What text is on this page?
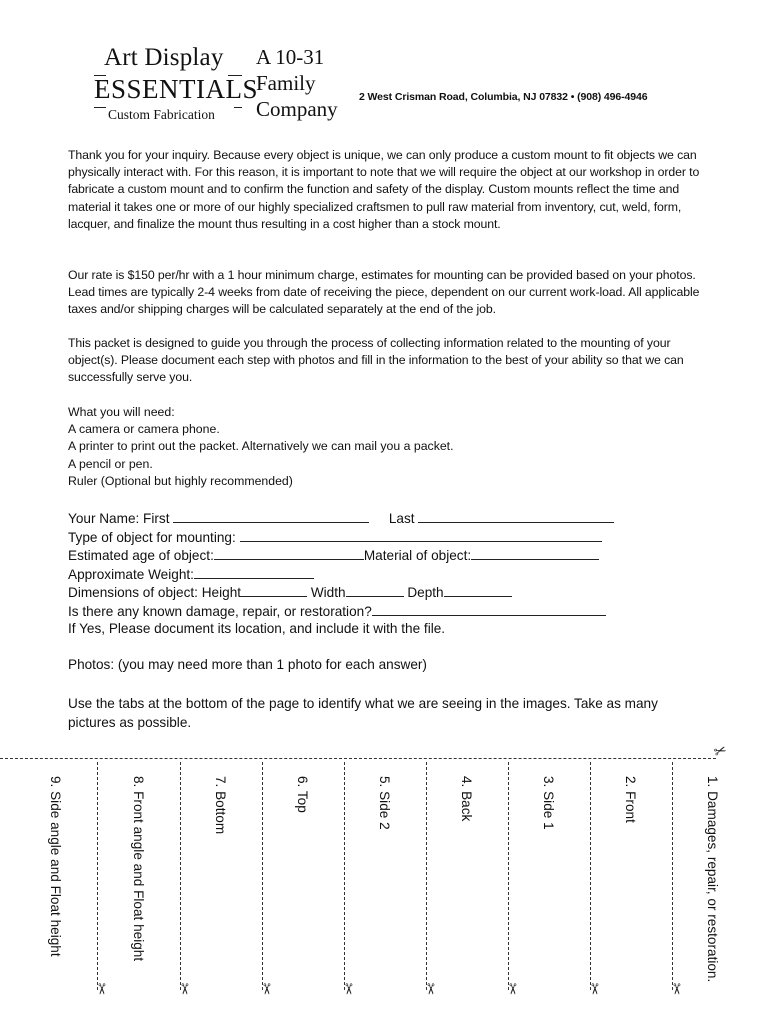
Art Display
ESSENTIALS
Custom Fabrication
A 10-31
Family
Company 2 West Crisman Road, Columbia, NJ 07832 • (908) 496-4946

Thank you for your inquiry. Because every object is unique, we can only produce a custom mount to fit objects we can physically interact with. For this reason, it is important to note that we will require the object at our workshop in order to fabricate a custom mount and to confirm the function and safety of the display. Custom mounts reflect the time and material it takes one or more of our highly specialized craftsmen to pull raw material from inventory, cut, weld, form, lacquer, and finalize the mount thus resulting in a cost higher than a stock mount.

Our rate is $150 per/hr with a 1 hour minimum charge, estimates for mounting can be provided based on your photos. Lead times are typically 2-4 weeks from date of receiving the piece, dependent on our current work-load. All applicable taxes and/or shipping charges will be calculated separately at the end of the job.

This packet is designed to guide you through the process of collecting information related to the mounting of your object(s). Please document each step with photos and fill in the information to the best of your ability so that we can successfully serve you.

What you will need:
A camera or camera phone.
A printer to print out the packet. Alternatively we can mail you a packet.
A pencil or pen.
Ruler (Optional but highly recommended)
Your Name: First	Last
Type of object for mounting:
Estimated age of object:	Material of object:
Approximate Weight:
Dimensions of object: Height	Width	Depth
Is there any known damage, repair, or restoration?
If Yes, Please document its location, and include it with the file.
Photos: (you may need more than 1 photo for each answer)
Use the tabs at the bottom of the page to identify what we are seeing in the images. Take as many pictures as possible.
✂
9. Side angle and Float height	8. Front angle and Float height	7. Bottom	6. Top	5. Side 2	4. Back	3. Side 1	2. Front	1. Damages, repair, or restoration.
✂	✂	✂	✂	✂	✂	✂	✂
